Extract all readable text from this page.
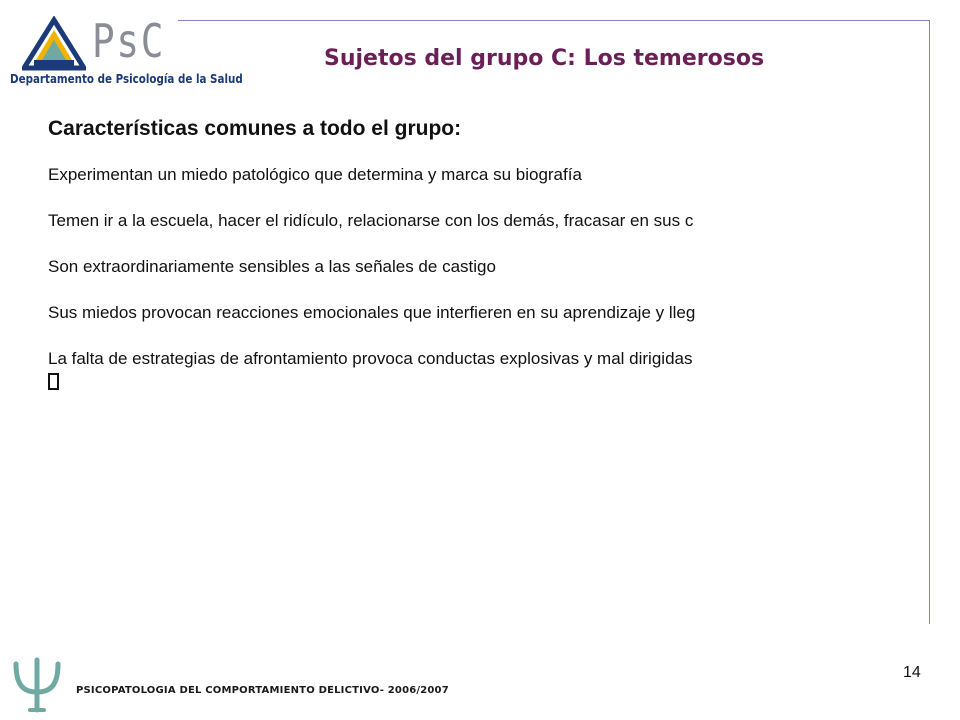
PsC
Departamento de Psicología de la Salud
Sujetos del grupo C: Los temerosos
Características comunes a todo el grupo:
Experimentan un miedo patológico que determina y marca su biografía
Temen ir a la escuela, hacer el ridículo, relacionarse con los demás, fracasar en sus c
Son extraordinariamente sensibles a las señales de castigo
Sus miedos provocan reacciones emocionales que interfieren en su aprendizaje y lleg
La falta de estrategias de afrontamiento provoca conductas explosivas y mal dirigidas
14
PSICOPATOLOGIA DEL COMPORTAMIENTO DELICTIVO- 2006/2007
